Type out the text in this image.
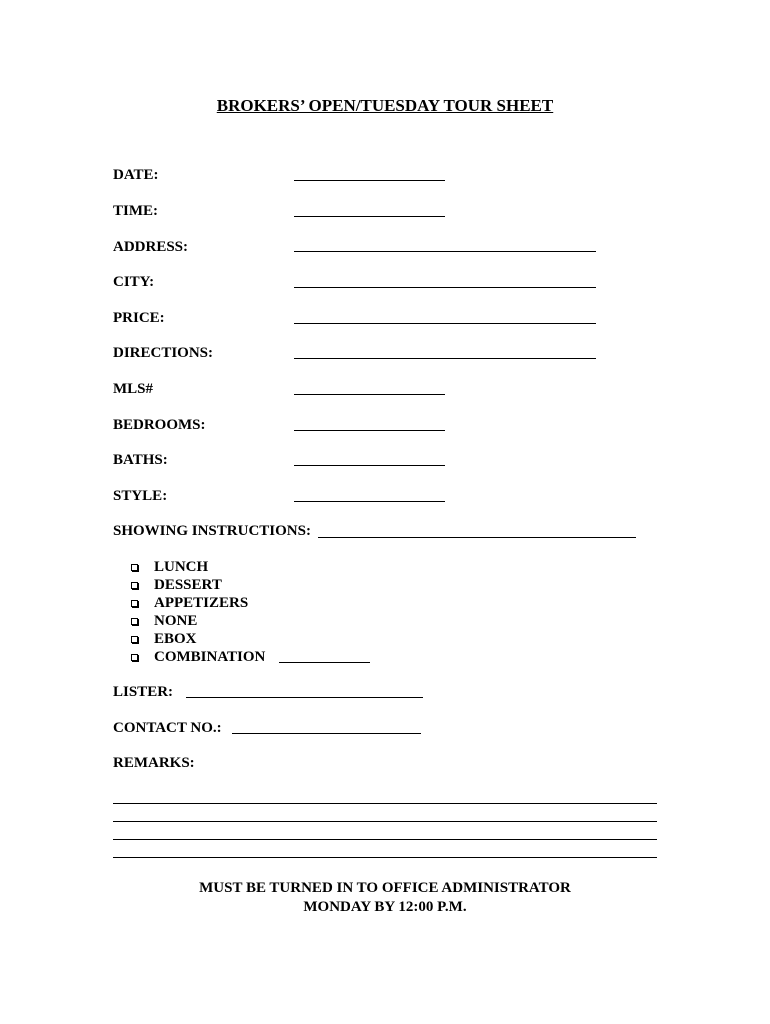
BROKERS’ OPEN/TUESDAY TOUR SHEET
DATE:
TIME:
ADDRESS:
CITY:
PRICE:
DIRECTIONS:
MLS#
BEDROOMS:
BATHS:
STYLE:
SHOWING INSTRUCTIONS:
LUNCH
DESSERT
APPETIZERS
NONE
EBOX
COMBINATION
LISTER:
CONTACT NO.:
REMARKS:
MUST BE TURNED IN TO OFFICE ADMINISTRATOR
MONDAY BY 12:00 P.M.
